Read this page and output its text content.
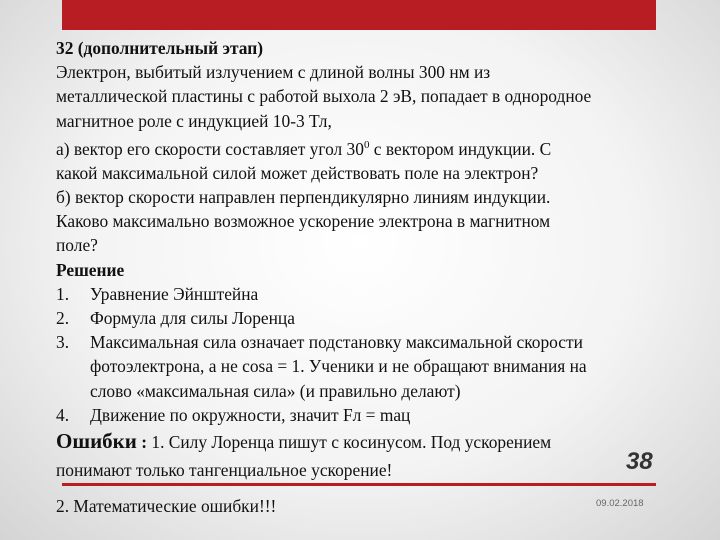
32 (дополнительный этап)
Электрон, выбитый излучением с длиной волны 300 нм из
металлической пластины с работой выхола 2 эВ, попадает в однородное
магнитное роле с индукцией 10-3 Тл,
а) вектор его скорости составляет угол $30^0$ с вектором индукции. С
какой максимальной силой может действовать поле на электрон?
б) вектор скорости направлен перпендикулярно линиям индукции.
Каково максимально возможное ускорение электрона в магнитном
поле?
Решение
1.	Уравнение Эйнштейна
2.	Формула для силы Лоренца
3.	Максимальная сила означает подстановку максимальной скорости
фотоэлектрона, а не cosa = 1. Ученики и не обращают внимания на
слово «максимальная сила» (и правильно делают)
4.	Движение по окружности, значит Fл = maц
Ошибки : 1. Силу Лоренца пишут с косинусом. Под ускорением
понимают только тангенциальное ускорение!	38
2. Математические ошибки!!!	09.02.2018
